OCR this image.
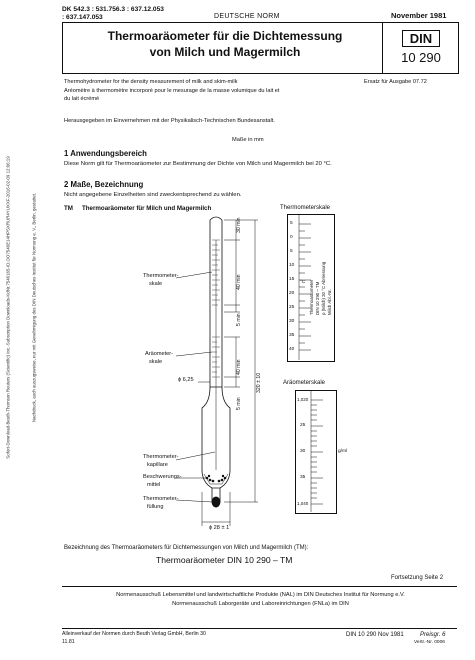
Sofort-Download-Beuth-Thomson Reuters (Scientific) Inc.-Subscription Downloads-KdNr.7546165-ID.OO7546E14HPSXRUR4YUXXF-2016-02-09 12:06:19	Nachdruck, auch auszugsweise, nur mit Genehmigung des DIN Deutsches Institut für Normung e. V., Berlin, gestattet.
DK 542.3 : 531.756.3 : 637.12.053
: 637.147.053	DEUTSCHE NORM	November 1981
Thermoaräometer für die Dichtemessung
von Milch und Magermilch
DIN
10 290
Thermohydrometer for the density measurement of milk and skim-milk	Ersatz für Ausgabe 07.72
Aréomètre à thermomètre incorporé pour le mesurage de la masse volumique du lait et
du lait écrémé
Herausgegeben im Einvernehmen mit der Physikalisch-Technischen Bundesanstalt.
Maße in mm
1 Anwendungsbereich
Diese Norm gilt für Thermoaräometer zur Bestimmung der Dichte von Milch und Magermilch bei 20 °C.
2 Maße, Bezeichnung
Nicht angegebene Einzelheiten sind zweckentsprechend zu wählen.
TM Thermoaräometer für Milch und Magermilch	Thermometerskale
Aräometerskale
Thermometer-
skale
Aräometer-
skale
Thermometer-
kapillare
Beschwerungs-
mittel
Thermometer-
füllung
30 min
40 min
5 min
40 min
5 min
320 ± 10
ϕ 6,25
ϕ 28 ± 1
5
0
5
10
15
20
25
30
35
40
°C Thermoaräometer DIN 10 290 – TM ρ (Milch) 20 °C Abmessung Milch Abl.-Nr.
1,020
25
30
35
1,040
g/ml
Bezeichnung des Thermoaräometers für Dichtemessungen von Milch und Magermilch (TM):
Thermoaräometer DIN 10 290 – TM
Fortsetzung Seite 2
Normenausschuß Lebensmittel und landwirtschaftliche Produkte (NAL) im DIN Deutsches Institut für Normung e.V.
Normenausschuß Laborgeräte und Laboreinrichtungen (FNLa) im DIN
Alleinverkauf der Normen durch Beuth Verlag GmbH, Berlin 30
11.81
DIN 10 290 Nov 1981	Preisgr. 6
Vertr.-Nr. 0006
